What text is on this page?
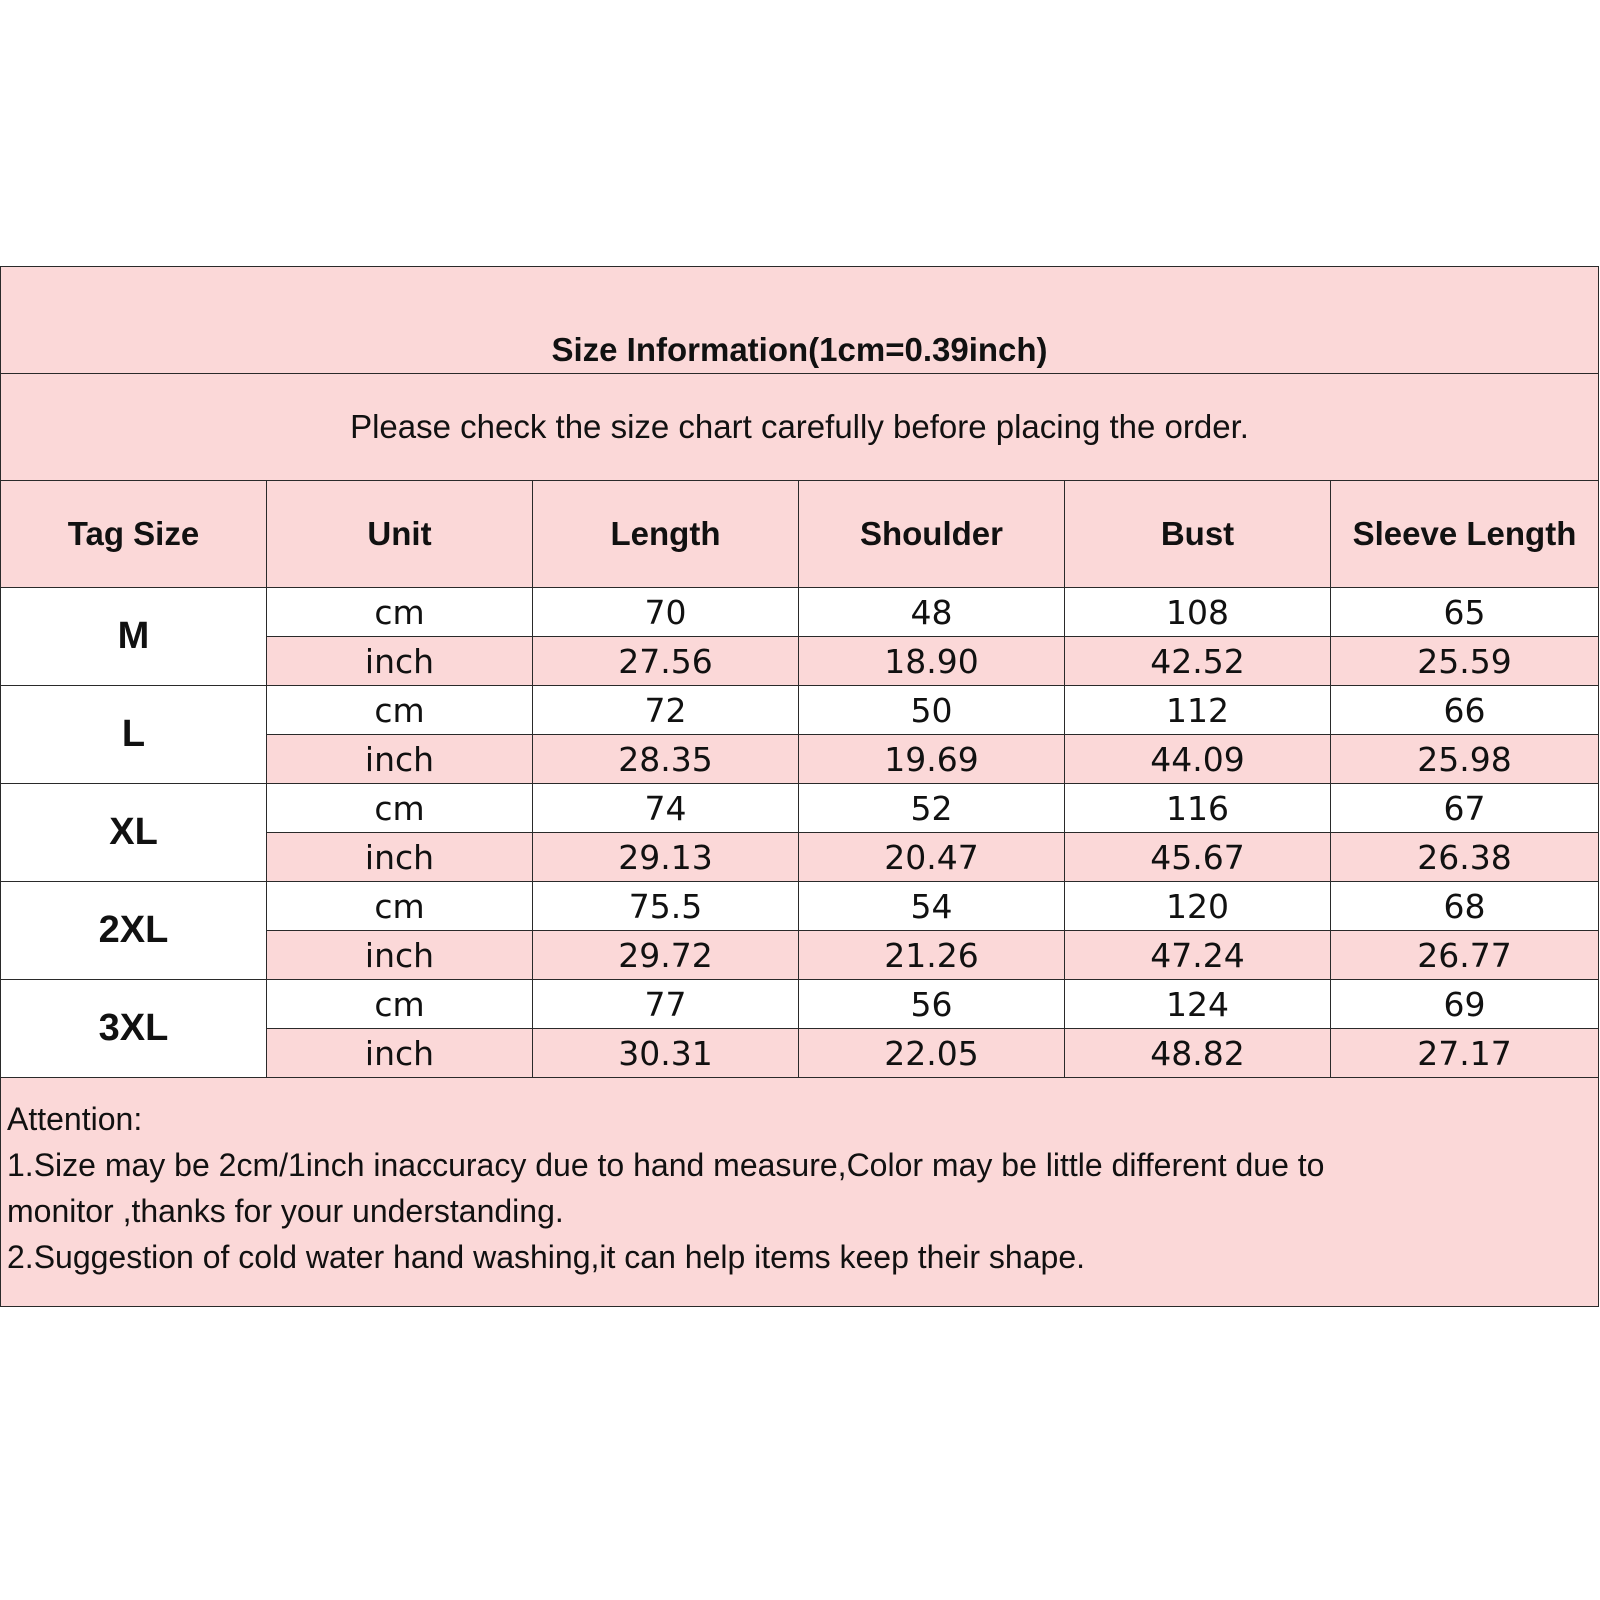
Size Information(1cm=0.39inch)					
Please check the size chart carefully before placing the order.					
Tag Size	Unit	Length	Shoulder	Bust	Sleeve Length
M	cm	70	48	108	65
	inch	27.56	18.90	42.52	25.59
L	cm	72	50	112	66
	inch	28.35	19.69	44.09	25.98
XL	cm	74	52	116	67
	inch	29.13	20.47	45.67	26.38
2XL	cm	75.5	54	120	68
	inch	29.72	21.26	47.24	26.77
3XL	cm	77	56	124	69
	inch	30.31	22.05	48.82	27.17

Attention:
1.Size may be 2cm/1inch inaccuracy due to hand measure,Color may be little different due to
monitor ,thanks for your understanding.
2.Suggestion of cold water hand washing,it can help items keep their shape.					
